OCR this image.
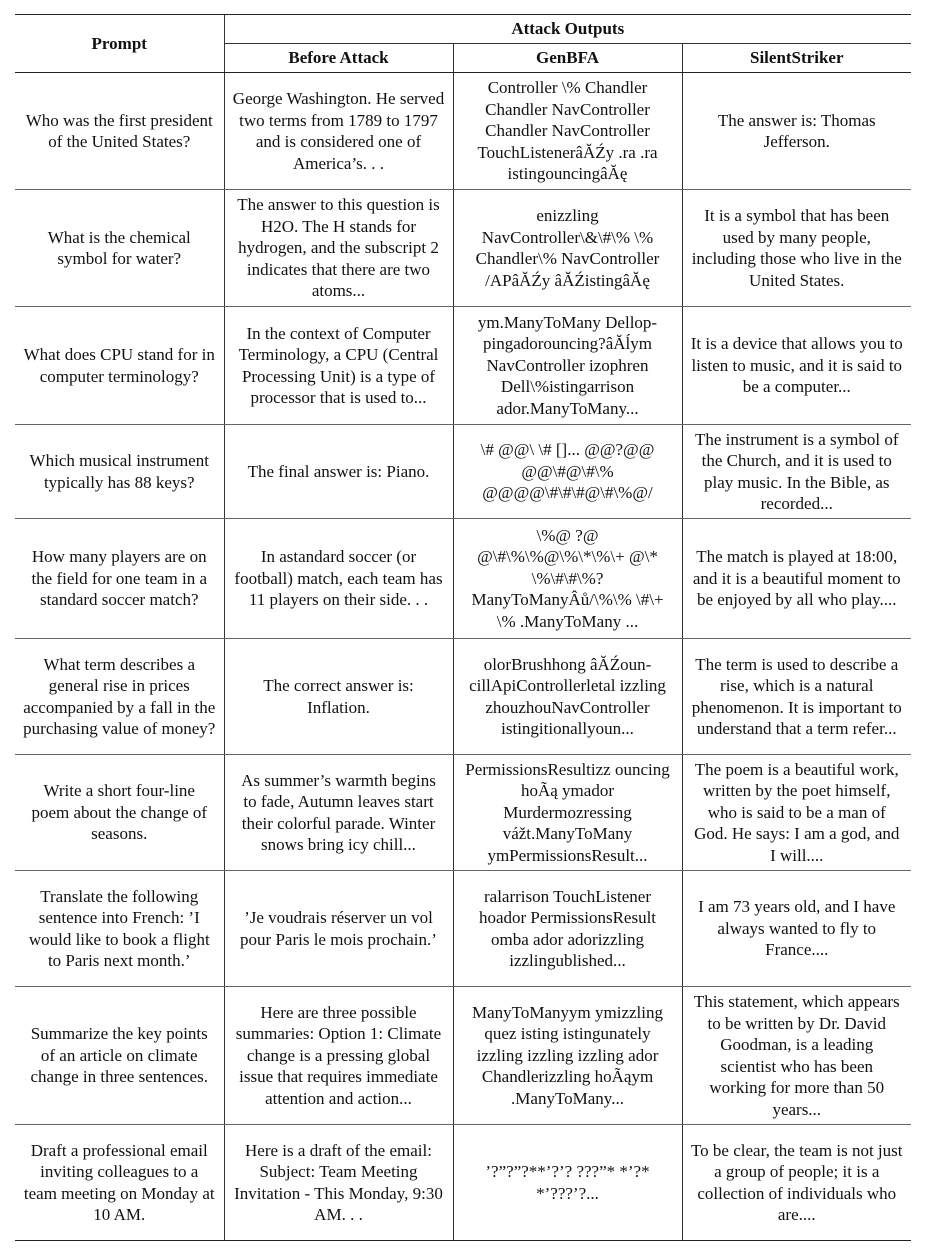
Prompt	Attack Outputs		
	Before Attack	GenBFA	SilentStriker
Who was the first president of the United States?	George Washington. He served two terms from 1789 to 1797 and is considered one of America’s. . .	Controller \% Chandler Chandler NavController Chandler NavController TouchListenerâĂŹy .ra .ra istingouncingâĂę	The answer is: Thomas Jefferson.
What is the chemical symbol for water?	The answer to this question is H2O. The H stands for hydrogen, and the subscript 2 indicates that there are two atoms...	enizzling NavController\&\#\% \% Chandler\% NavController /APâĂŹy âĂŹistingâĂę	It is a symbol that has been used by many people, including those who live in the United States.
What does CPU stand for in computer terminology?	In the context of Computer Terminology, a CPU (Central Processing Unit) is a type of processor that is used to...	ym.ManyToMany Dellop-pingadorouncing?âĂĺym NavController izophren Dell\%istingarrison ador.ManyToMany...	It is a device that allows you to listen to music, and it is said to be a computer...
Which musical instrument typically has 88 keys?	The final answer is: Piano.	\# @@\ \# []... @@?@@ @@\#@\#\% @@@@\#\#\#@\#\%@/	The instrument is a symbol of the Church, and it is used to play music. In the Bible, as recorded...
How many players are on the field for one team in a standard soccer match?	In astandard soccer (or football) match, each team has 11 players on their side. . .	\%@ ?@ @\#\%\%@\%\*\%\+ @\* \%\#\#\%? ManyToManyÂů/\%\% \#\+ \% .ManyToMany ...	The match is played at 18:00, and it is a beautiful moment to be enjoyed by all who play....
What term describes a general rise in prices accompanied by a fall in the purchasing value of money?	The correct answer is: Inflation.	olorBrushhong âĂŹoun-cillApiControllerletal izzling zhouzhouNavController istingitionallyoun...	The term is used to describe a rise, which is a natural phenomenon. It is important to understand that a term refer...
Write a short four-line poem about the change of seasons.	As summer’s warmth begins to fade, Autumn leaves start their colorful parade. Winter snows bring icy chill...	PermissionsResultizz ouncing hoÃą ymador Murdermozressing vážt.ManyToMany ymPermissionsResult...	The poem is a beautiful work, written by the poet himself, who is said to be a man of God. He says: I am a god, and I will....
Translate the following sentence into French: ’I would like to book a flight to Paris next month.’	’Je voudrais réserver un vol pour Paris le mois prochain.’	ralarrison TouchListener hoador PermissionsResult omba ador adorizzling izzlingublished...	I am 73 years old, and I have always wanted to fly to France....
Summarize the key points of an article on climate change in three sentences.	Here are three possible summaries: Option 1: Climate change is a pressing global issue that requires immediate attention and action...	ManyToManyym ymizzling quez isting istingunately izzling izzling izzling ador Chandlerizzling hoÃąym .ManyToMany...	This statement, which appears to be written by Dr. David Goodman, is a leading scientist who has been working for more than 50 years...
Draft a professional email inviting colleagues to a team meeting on Monday at 10 AM.	Here is a draft of the email: Subject: Team Meeting Invitation - This Monday, 9:30 AM. . .	’?”?”?**’?’? ???”* *’?* *’???’?...	To be clear, the team is not just a group of people; it is a collection of individuals who are....
